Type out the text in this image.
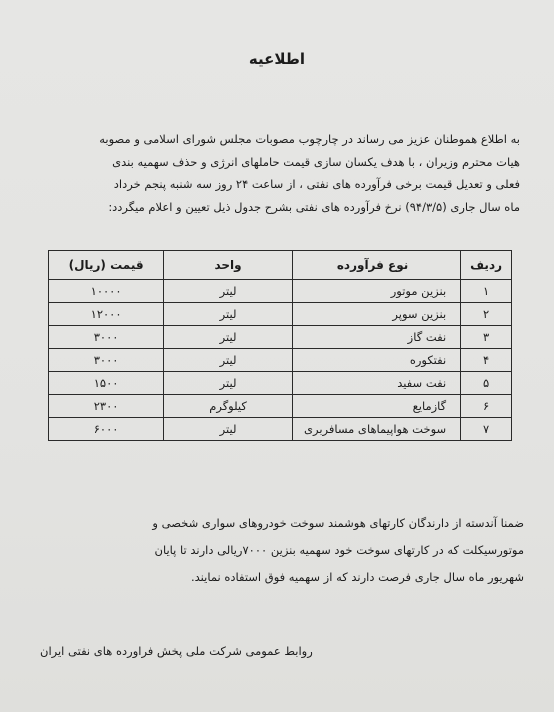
اطلاعیه

به اطلاع هموطنان عزیز می رساند در چارچوب مصوبات مجلس شورای اسلامی و مصوبه

هیات محترم وزیران ، با هدف یکسان سازی قیمت حاملهای انرژی و حذف سهمیه بندی

فعلی و تعدیل قیمت برخی فرآورده های نفتی ، از ساعت ۲۴ روز سه شنبه پنجم خرداد

ماه سال جاری (۹۴/۳/۵) نرخ فرآورده های نفتی بشرح جدول ذیل تعیین و اعلام میگردد:

ردیف	نوع فرآورده	واحد	قیمت (ریال)
۱	بنزین موتور	لیتر	۱۰۰۰۰
۲	بنزین سوپر	لیتر	۱۲۰۰۰
۳	نفت گاز	لیتر	۳۰۰۰
۴	نفتکوره	لیتر	۳۰۰۰
۵	نفت سفید	لیتر	۱۵۰۰
۶	گازمایع	کیلوگرم	۲۳۰۰
۷	سوخت هواپیماهای مسافربری	لیتر	۶۰۰۰

ضمنا آندسته از دارندگان کارتهای هوشمند سوخت خودروهای سواری شخصی و

موتورسیکلت که در کارتهای سوخت خود سهمیه بنزین ۷۰۰۰ریالی دارند تا پایان

شهریور ماه سال جاری فرصت دارند که از سهمیه فوق استفاده نمایند.

روابط عمومی شرکت ملی پخش فراورده های نفتی ایران
